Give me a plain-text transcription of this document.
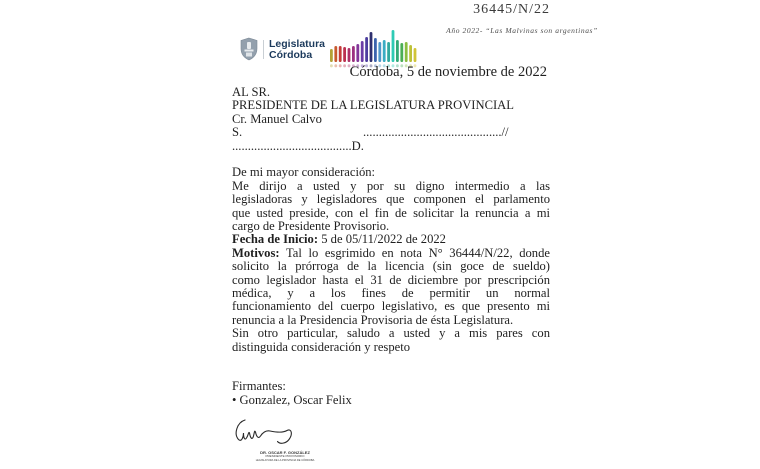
36445/N/22
Año 2022- “Las Malvinas son argentinas”
Legislatura
Córdoba
Córdoba, 5 de noviembre de 2022
AL SR.
PRESIDENTE DE LA LEGISLATURA PROVINCIAL
Cr. Manuel Calvo
S.	............................................//
......................................D.
De mi mayor consideración:
Me dirijo a usted y por su digno intermedio a las
legisladoras y legisladores que componen el parlamento
que usted preside, con el fin de solicitar la renuncia a mi
cargo de Presidente Provisorio.
Fecha de Inicio: 5 de 05/11/2022 de 2022
Motivos: Tal lo esgrimido en nota N° 36444/N/22, donde
solicito la prórroga de la licencia (sin goce de sueldo)
como legislador hasta el 31 de diciembre por prescripción
médica, y a los fines de permitir un normal
funcionamiento del cuerpo legislativo, es que presento mi
renuncia a la Presidencia Provisoria de ésta Legislatura.
Sin otro particular, saludo a usted y a mis pares con
distinguida consideración y respeto
Firmantes:
• Gonzalez, Oscar Felix
DR. OSCAR F. GONZÁLEZ
PRESIDENTE PROVISORIO
LEGISLATURA DE LA PROVINCIA DE CÓRDOBA
